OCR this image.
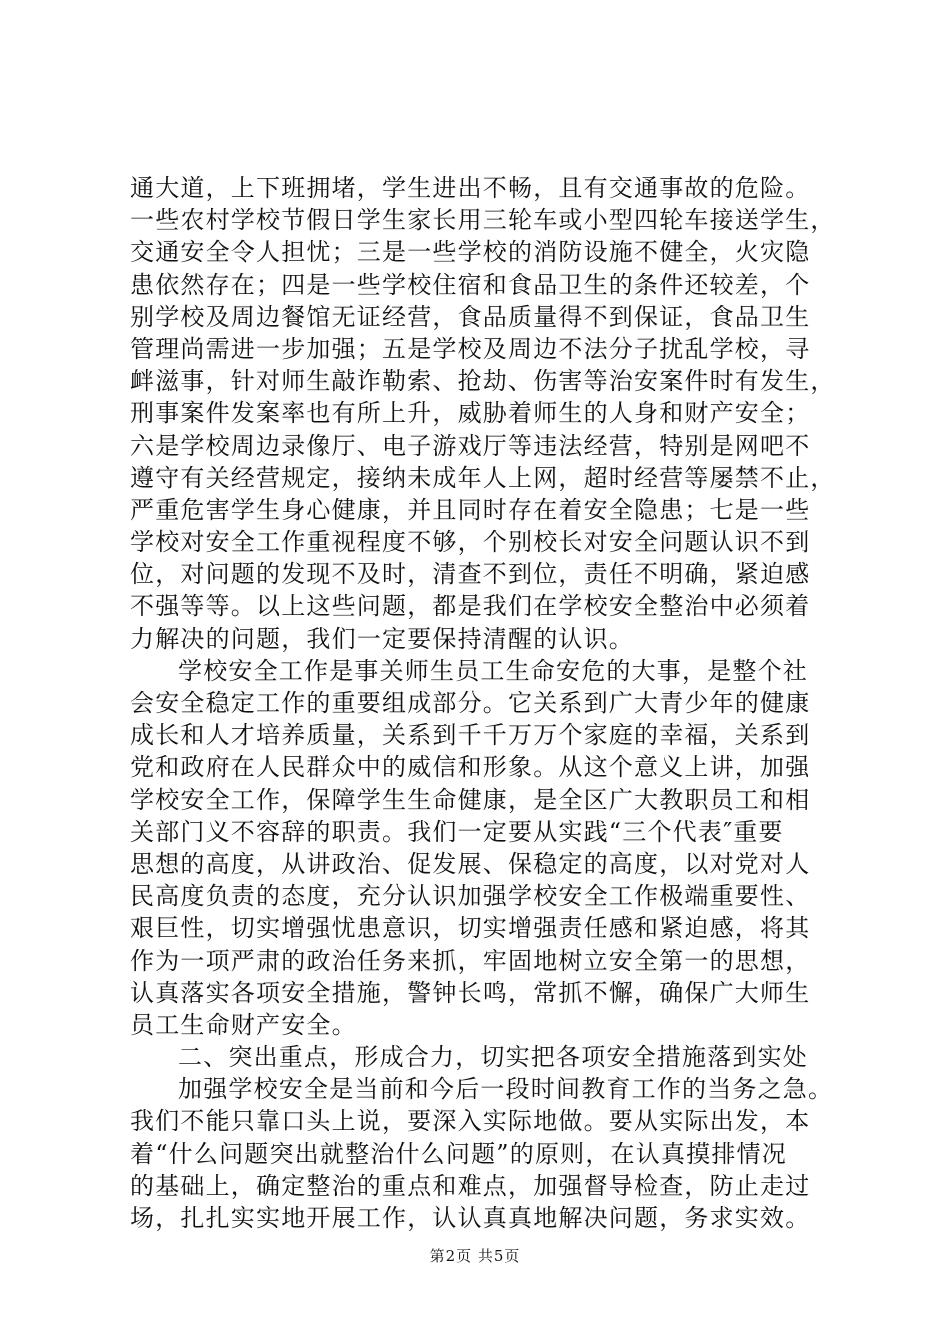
通大道，上下班拥堵，学生进出不畅，且有交通事故的危险。
一些农村学校节假日学生家长用三轮车或小型四轮车接送学生，
交通安全令人担忧；三是一些学校的消防设施不健全，火灾隐
患依然存在；四是一些学校住宿和食品卫生的条件还较差，个
别学校及周边餐馆无证经营，食品质量得不到保证，食品卫生
管理尚需进一步加强；五是学校及周边不法分子扰乱学校，寻
衅滋事，针对师生敲诈勒索、抢劫、伤害等治安案件时有发生，
刑事案件发案率也有所上升，威胁着师生的人身和财产安全；
六是学校周边录像厅、电子游戏厅等违法经营，特别是网吧不
遵守有关经营规定，接纳未成年人上网，超时经营等屡禁不止，
严重危害学生身心健康，并且同时存在着安全隐患；七是一些
学校对安全工作重视程度不够，个别校长对安全问题认识不到
位，对问题的发现不及时，清查不到位，责任不明确，紧迫感
不强等等。以上这些问题，都是我们在学校安全整治中必须着
力解决的问题，我们一定要保持清醒的认识。
学校安全工作是事关师生员工生命安危的大事，是整个社
会安全稳定工作的重要组成部分。它关系到广大青少年的健康
成长和人才培养质量，关系到千千万万个家庭的幸福，关系到
党和政府在人民群众中的威信和形象。从这个意义上讲，加强
学校安全工作，保障学生生命健康，是全区广大教职员工和相
关部门义不容辞的职责。我们一定要从实践“三个代表″重要
思想的高度，从讲政治、促发展、保稳定的高度，以对党对人
民高度负责的态度，充分认识加强学校安全工作极端重要性、
艰巨性，切实增强忧患意识，切实增强责任感和紧迫感，将其
作为一项严肃的政治任务来抓，牢固地树立安全第一的思想，
认真落实各项安全措施，警钟长鸣，常抓不懈，确保广大师生
员工生命财产安全。
二、突出重点，形成合力，切实把各项安全措施落到实处
加强学校安全是当前和今后一段时间教育工作的当务之急。
我们不能只靠口头上说，要深入实际地做。要从实际出发，本
着“什么问题突出就整治什么问题”的原则，在认真摸排情况
的基础上，确定整治的重点和难点，加强督导检查，防止走过
场，扎扎实实地开展工作，认认真真地解决问题，务求实效。
第2页 共5页
